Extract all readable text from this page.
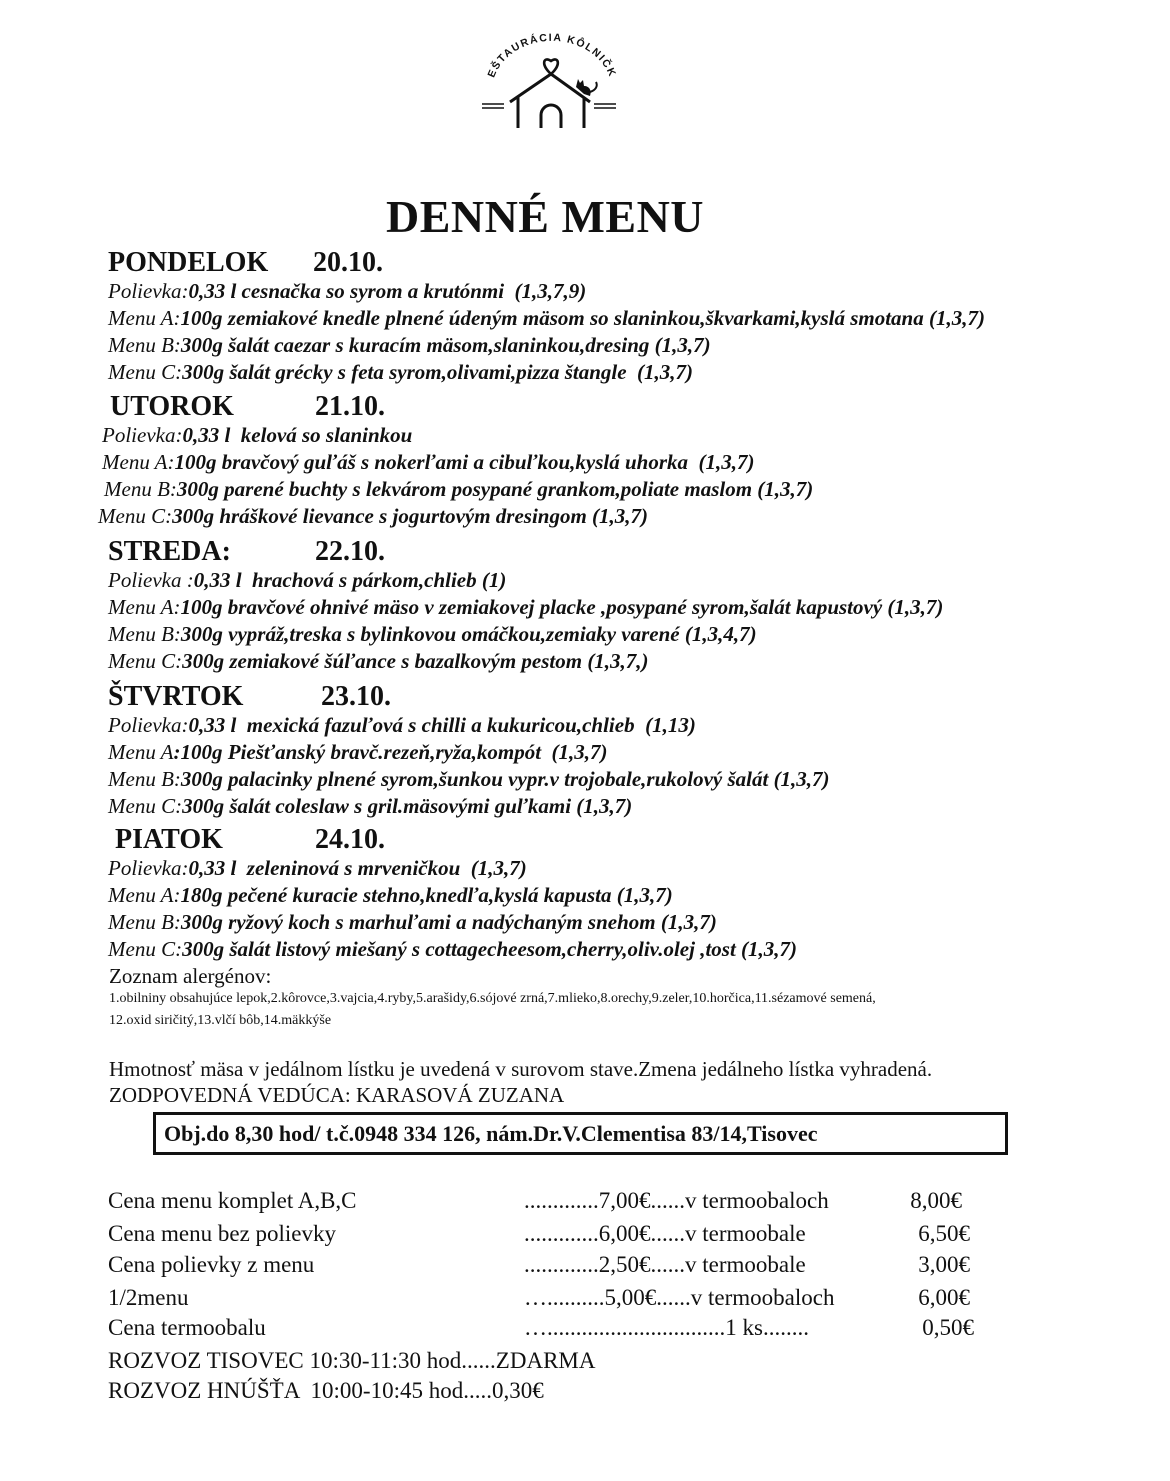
EŠTAURÁCIA KÔLNIČK
DENNÉ MENU
PONDELOK 20.10.
Polievka:0,33 l cesnačka so syrom a krutónmi  (1,3,7,9)
Menu A:100g zemiakové knedle plnené údeným mäsom so slaninkou,škvarkami,kyslá smotana (1,3,7)
Menu B:300g šalát caezar s kuracím mäsom,slaninkou,dresing (1,3,7)
Menu C:300g šalát grécky s feta syrom,olivami,pizza štangle  (1,3,7)
UTOROK	21.10.
Polievka:0,33 l  kelová so slaninkou
Menu A:100g bravčový guľáš s nokerľami a cibuľkou,kyslá uhorka  (1,3,7)
Menu B:300g parené buchty s lekvárom posypané grankom,poliate maslom (1,3,7)
Menu C:300g hráškové lievance s jogurtovým dresingom (1,3,7)
STREDA:	22.10.
Polievka :0,33 l  hrachová s párkom,chlieb (1)
Menu A:100g bravčové ohnivé mäso v zemiakovej placke ,posypané syrom,šalát kapustový (1,3,7)
Menu B:300g vypráž,treska s bylinkovou omáčkou,zemiaky varené (1,3,4,7)
Menu C:300g zemiakové šúľance s bazalkovým pestom (1,3,7,)
ŠTVRTOK	23.10.
Polievka:0,33 l  mexická fazuľová s chilli a kukuricou,chlieb  (1,13)
Menu A:100g Piešťanský bravč.rezeň,ryža,kompót  (1,3,7)
Menu B:300g palacinky plnené syrom,šunkou vypr.v trojobale,rukolový šalát (1,3,7)
Menu C:300g šalát coleslaw s gril.mäsovými guľkami (1,3,7)
PIATOK	24.10.
Polievka:0,33 l  zeleninová s mrveničkou  (1,3,7)
Menu A:180g pečené kuracie stehno,knedľa,kyslá kapusta (1,3,7)
Menu B:300g ryžový koch s marhuľami a nadýchaným snehom (1,3,7)
Menu C:300g šalát listový miešaný s cottagecheesom,cherry,oliv.olej ,tost (1,3,7)
Zoznam alergénov:
1.obilniny obsahujúce lepok,2.kôrovce,3.vajcia,4.ryby,5.arašidy,6.sójové zrná,7.mlieko,8.orechy,9.zeler,10.horčica,11.sézamové semená,
12.oxid siričitý,13.vlčí bôb,14.mäkkýše
Hmotnosť mäsa v jedálnom lístku je uvedená v surovom stave.Zmena jedálneho lístka vyhradená.
ZODPOVEDNÁ VEDÚCA: KARASOVÁ ZUZANA
Obj.do 8,30 hod/ t.č.0948 334 126, nám.Dr.V.Clementisa 83/14,Tisovec
Cena menu komplet A,B,C	.............7,00€......v termoobaloch	8,00€
Cena menu bez polievky	.............6,00€......v termoobale	6,50€
Cena polievky z menu	.............2,50€......v termoobale	3,00€
1/2menu	…..........5,00€......v termoobaloch	6,00€
Cena termoobalu	…...............................1 ks........	0,50€
ROZVOZ TISOVEC 10:30-11:30 hod......ZDARMA
ROZVOZ HNÚŠŤA  10:00-10:45 hod.....0,30€
